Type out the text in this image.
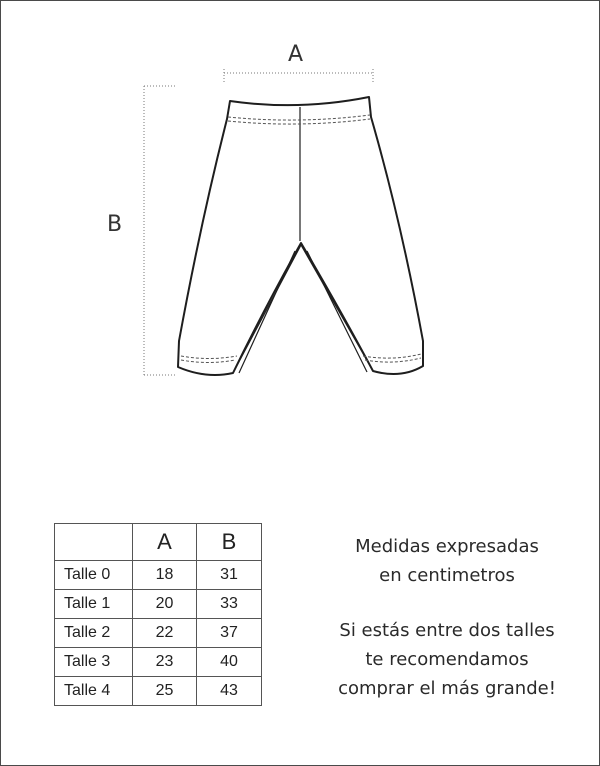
A
B
	A	B
Talle 0	18	31
Talle 1	20	33
Talle 2	22	37
Talle 3	23	40
Talle 4	25	43

Medidas expresadas

en centimetros

Si estás entre dos talles

te recomendamos

comprar el más grande!
